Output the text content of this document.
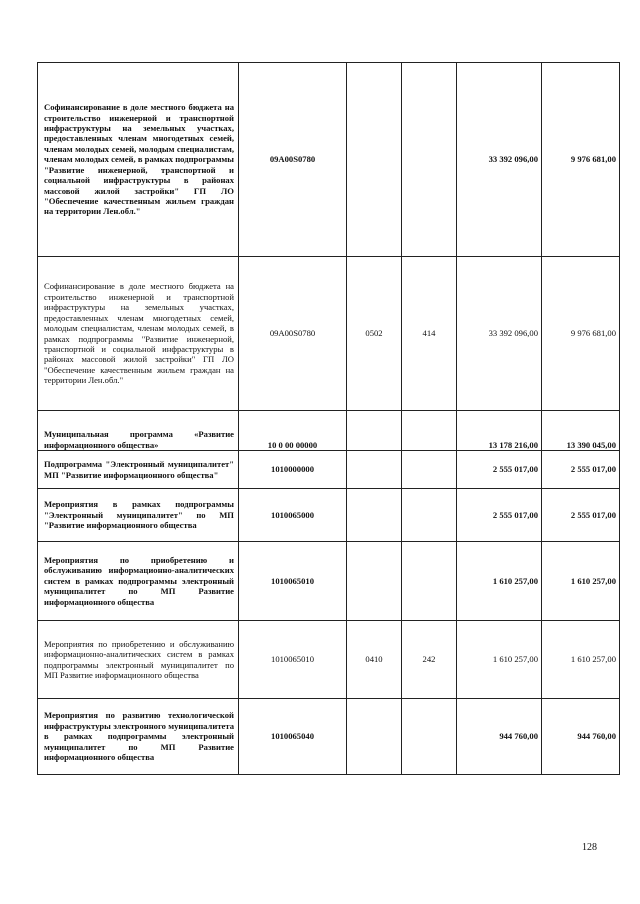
Софинансирование в доле местного бюджета на строительство инженерной и транспортной инфраструктуры на земельных участках, предоставленных членам многодетных семей, членам молодых семей, молодым специалистам, членам молодых семей, в рамках подпрограммы "Развитие инженерной, транспортной и социальной инфраструктуры в районах массовой жилой застройки" ГП ЛО "Обеспечение качественным жильем граждан на территории Лен.обл."	09А00S0780			33 392 096,00	9 976 681,00
Софинансирование в доле местного бюджета на строительство инженерной и транспортной инфраструктуры на земельных участках, предоставленных членам многодетных семей, молодым специалистам, членам молодых семей, в рамках подпрограммы "Развитие инженерной, транспортной и социальной инфраструктуры в районах массовой жилой застройки" ГП ЛО "Обеспечение качественным жильем граждан на территории Лен.обл."	09А00S0780	0502	414	33 392 096,00	9 976 681,00
Муниципальная программа «Развитие информационного общества»	10 0 00 00000			13 178 216,00	13 390 045,00
Подпрограмма "Электронный муниципалитет" МП "Развитие информационного общества"	1010000000			2 555 017,00	2 555 017,00
Мероприятия в рамках подпрограммы "Электронный муниципалитет" по МП "Развитие информационного общества	1010065000			2 555 017,00	2 555 017,00
Мероприятия по приобретению и обслуживанию информационно-аналитических систем в рамках подпрограммы электронный муниципалитет по МП Развитие информационного общества	1010065010			1 610 257,00	1 610 257,00
Мероприятия по приобретению и обслуживанию информационно-аналитических систем в рамках подпрограммы электронный муниципалитет по МП Развитие информационного общества	1010065010	0410	242	1 610 257,00	1 610 257,00
Мероприятия по развитию технологической инфраструктуры электронного муниципалитета в рамках подпрограммы электронный муниципалитет по МП Развитие информационного общества	1010065040			944 760,00	944 760,00
128
